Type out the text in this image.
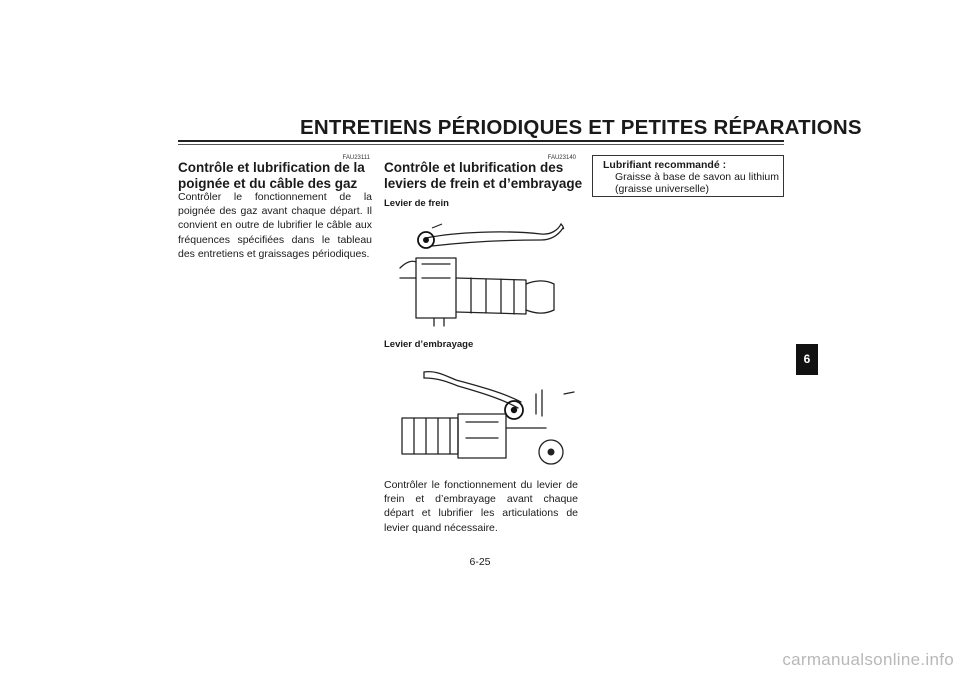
ENTRETIENS PÉRIODIQUES ET PETITES RÉPARATIONS
FAU23111
Contrôle et lubrification de la
poignée et du câble des gaz
Contrôler le fonctionnement de la poignée des gaz avant chaque départ. Il convient en outre de lubrifier le câble aux fréquences spécifiées dans le tableau des entretiens et graissages périodiques.
FAU23140
Contrôle et lubrification des
leviers de frein et d’embrayage
Levier de frein
Levier d’embrayage
Contrôler le fonctionnement du levier de frein et d’embrayage avant chaque départ et lubrifier les articulations de levier quand nécessaire.
Lubrifiant recommandé :
Graisse à base de savon au lithium
(graisse universelle)
6
6-25
carmanualsonline.info
